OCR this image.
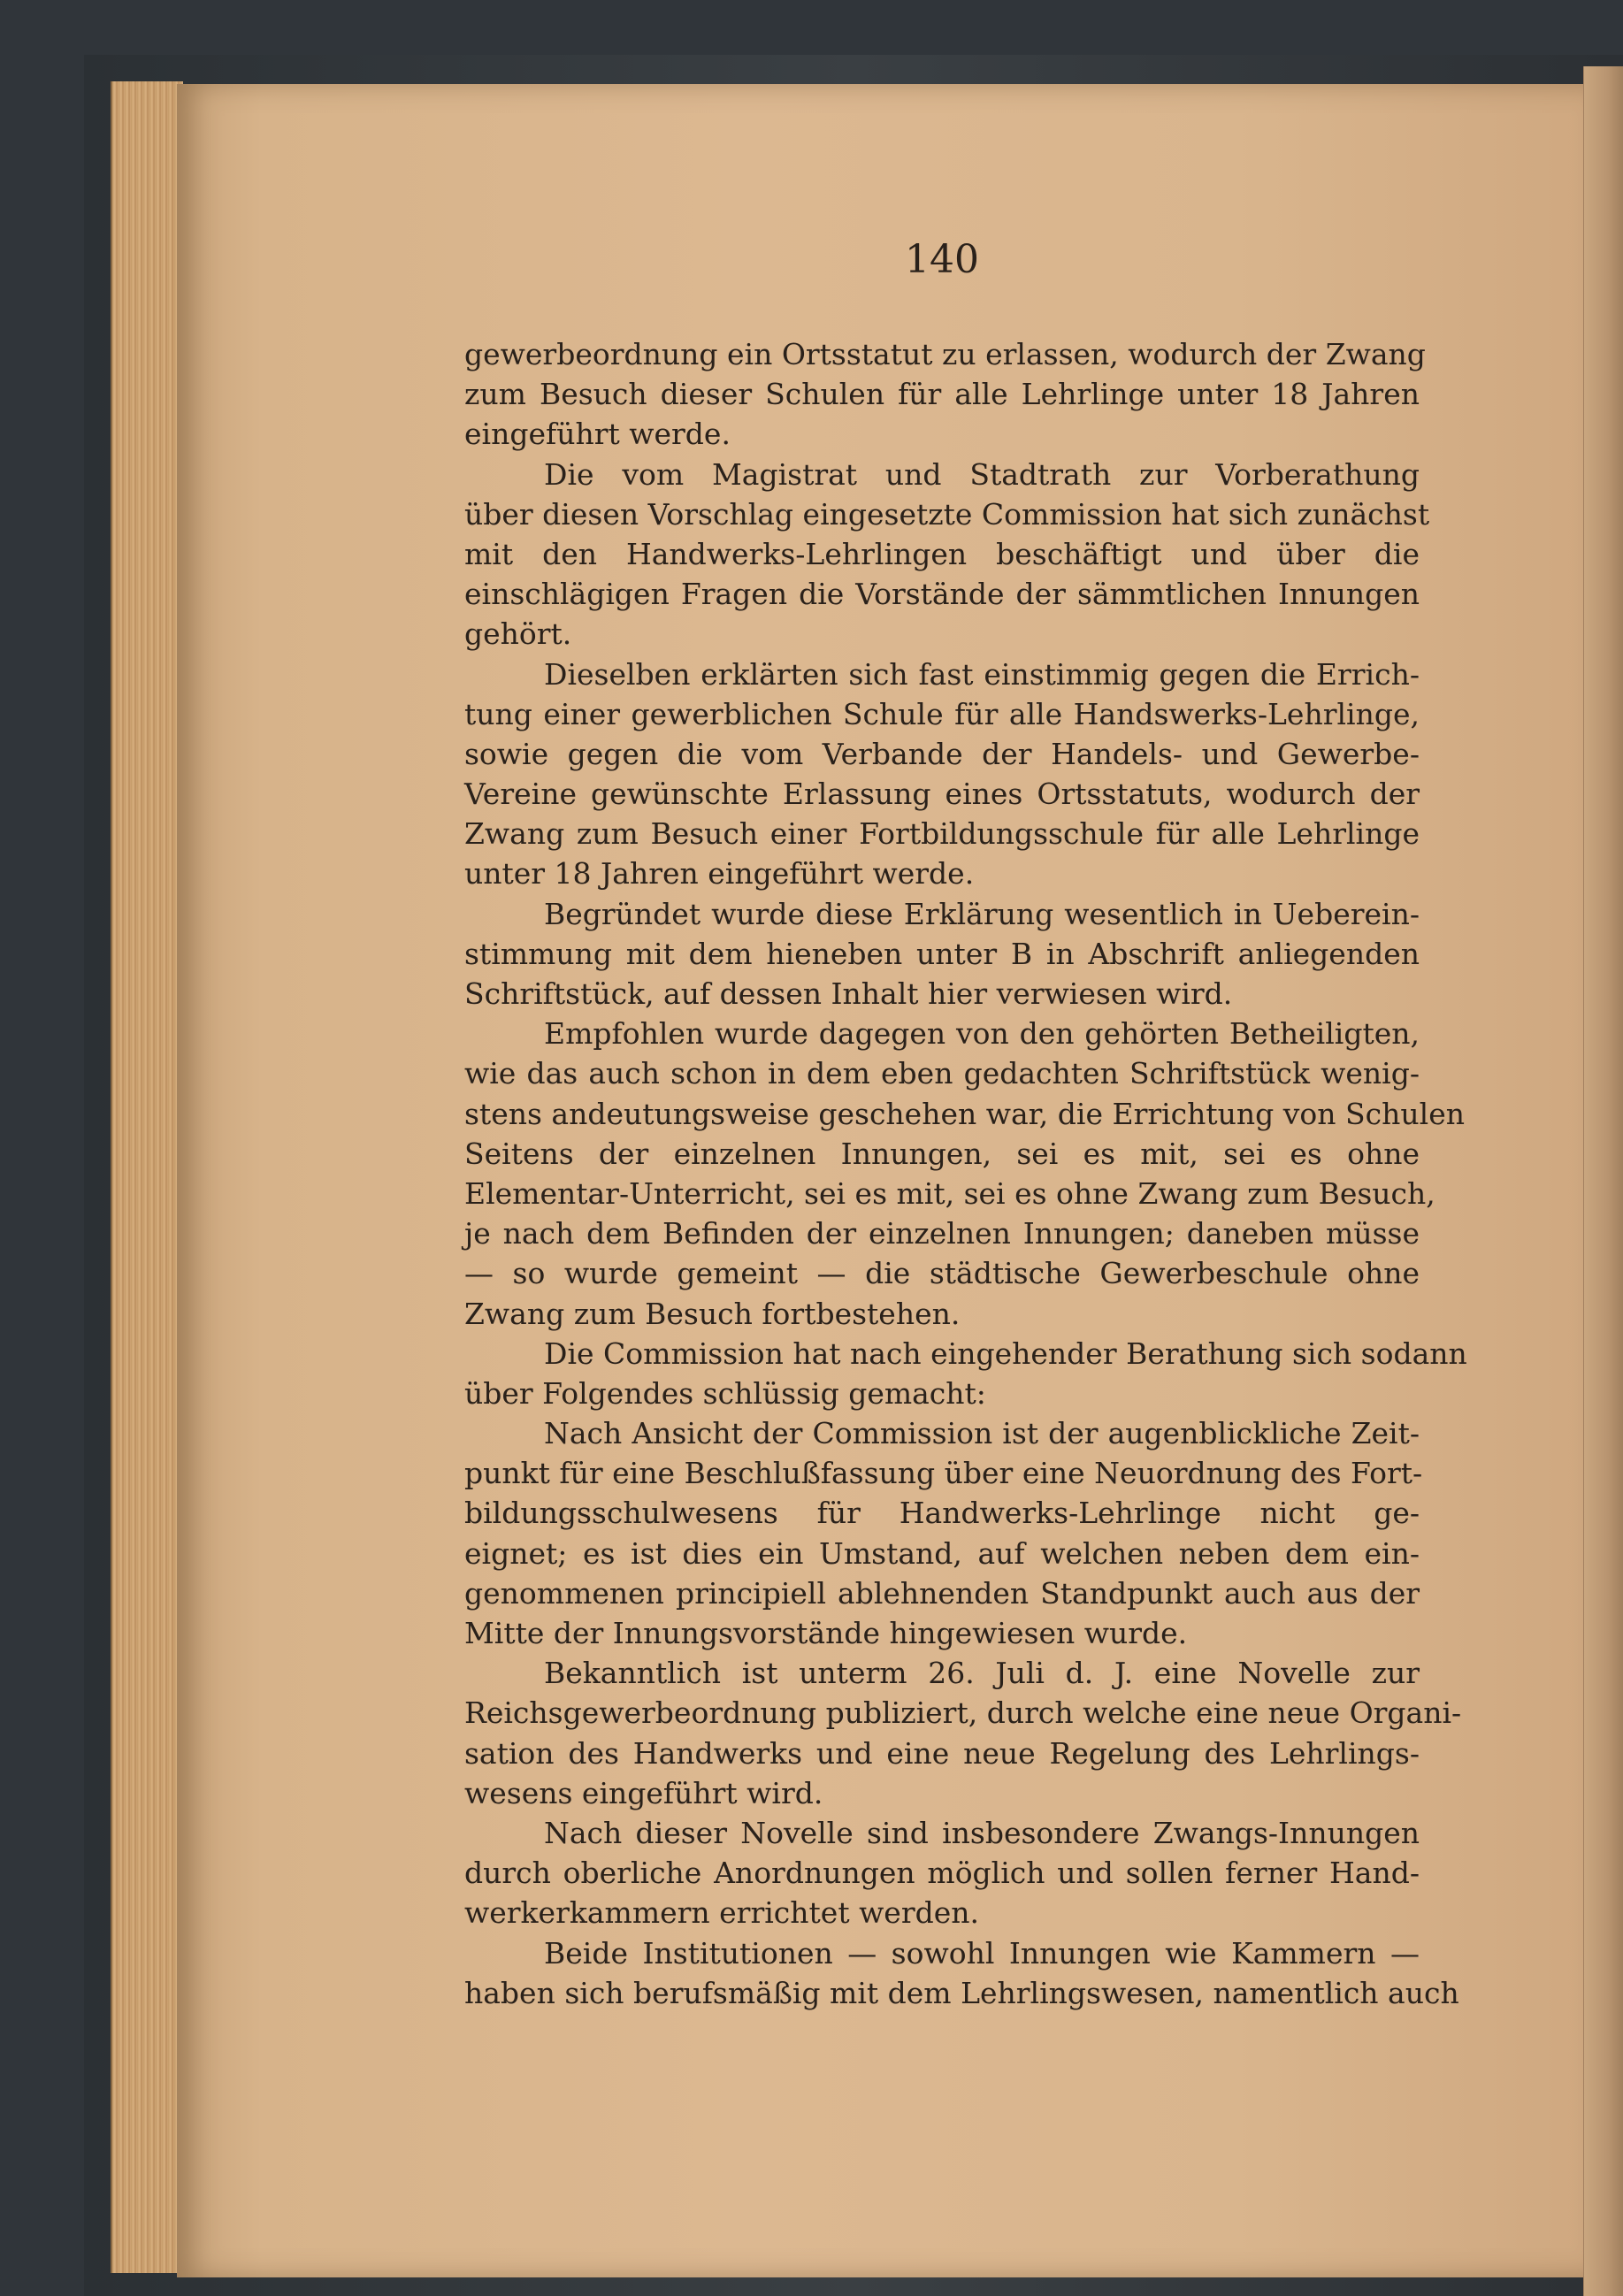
140
gewerbeordnung ein Ortsstatut zu erlassen, wodurch der Zwang
zum Besuch dieser Schulen für alle Lehrlinge unter 18 Jahren
eingeführt werde.
Die vom Magistrat und Stadtrath zur Vorberathung
über diesen Vorschlag eingesetzte Commission hat sich zunächst
mit den Handwerks-Lehrlingen beschäftigt und über die
einschlägigen Fragen die Vorstände der sämmtlichen Innungen
gehört.
Dieselben erklärten sich fast einstimmig gegen die Errich-
tung einer gewerblichen Schule für alle Handswerks-Lehrlinge,
sowie gegen die vom Verbande der Handels- und Gewerbe-
Vereine gewünschte Erlassung eines Ortsstatuts, wodurch der
Zwang zum Besuch einer Fortbildungsschule für alle Lehrlinge
unter 18 Jahren eingeführt werde.
Begründet wurde diese Erklärung wesentlich in Ueberein-
stimmung mit dem hieneben unter B in Abschrift anliegenden
Schriftstück, auf dessen Inhalt hier verwiesen wird.
Empfohlen wurde dagegen von den gehörten Betheiligten,
wie das auch schon in dem eben gedachten Schriftstück wenig-
stens andeutungsweise geschehen war, die Errichtung von Schulen
Seitens der einzelnen Innungen, sei es mit, sei es ohne
Elementar-Unterricht, sei es mit, sei es ohne Zwang zum Besuch,
je nach dem Befinden der einzelnen Innungen; daneben müsse
— so wurde gemeint — die städtische Gewerbeschule ohne
Zwang zum Besuch fortbestehen.
Die Commission hat nach eingehender Berathung sich sodann
über Folgendes schlüssig gemacht:
Nach Ansicht der Commission ist der augenblickliche Zeit-
punkt für eine Beschlußfassung über eine Neuordnung des Fort-
bildungsschulwesens für Handwerks-Lehrlinge nicht ge-
eignet; es ist dies ein Umstand, auf welchen neben dem ein-
genommenen principiell ablehnenden Standpunkt auch aus der
Mitte der Innungsvorstände hingewiesen wurde.
Bekanntlich ist unterm 26. Juli d. J. eine Novelle zur
Reichsgewerbeordnung publiziert, durch welche eine neue Organi-
sation des Handwerks und eine neue Regelung des Lehrlings-
wesens eingeführt wird.
Nach dieser Novelle sind insbesondere Zwangs-Innungen
durch oberliche Anordnungen möglich und sollen ferner Hand-
werkerkammern errichtet werden.
Beide Institutionen — sowohl Innungen wie Kammern —
haben sich berufsmäßig mit dem Lehrlingswesen, namentlich auch
